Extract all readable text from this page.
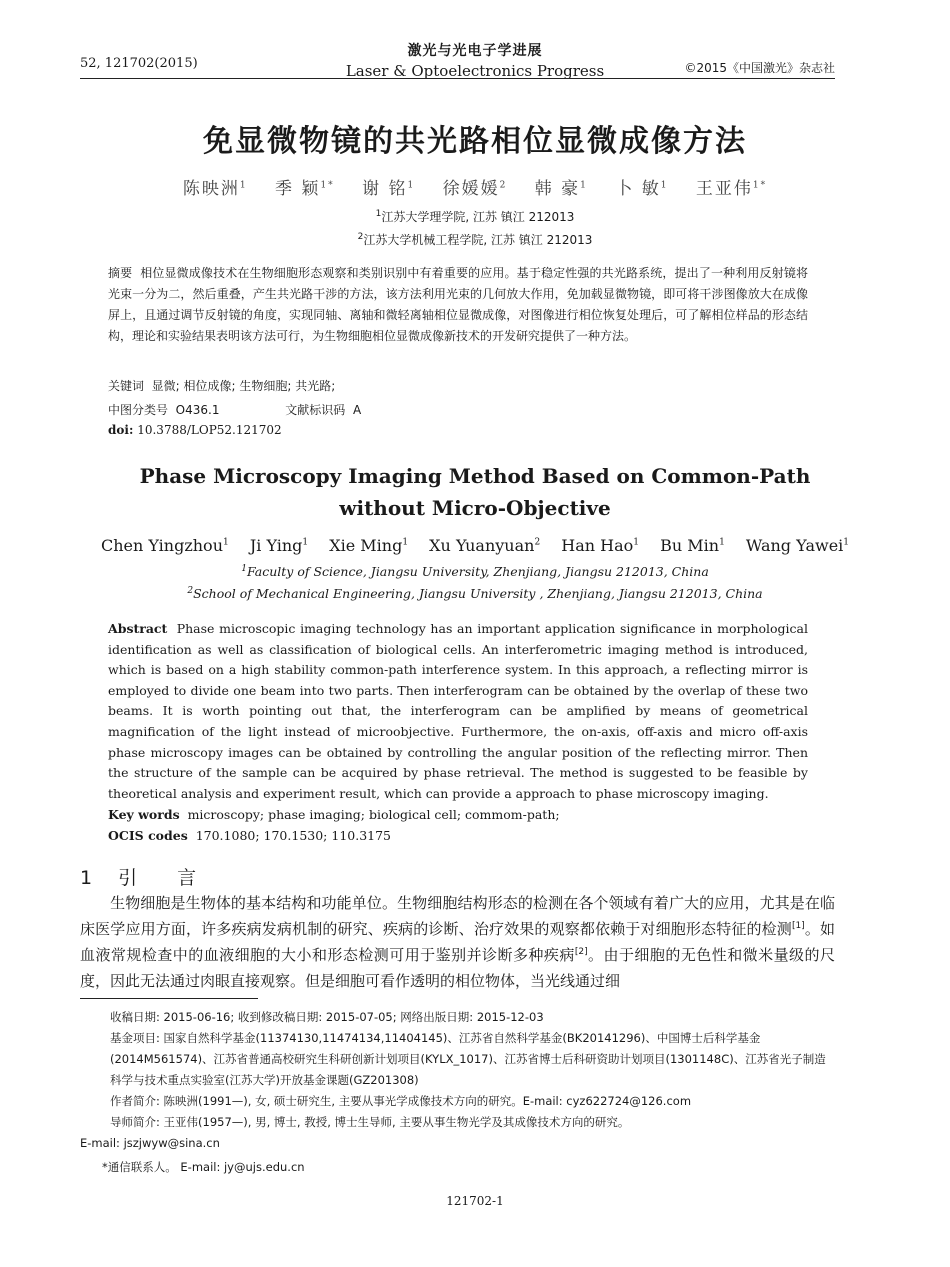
52, 121702(2015)
激光与光电子学进展
Laser & Optoelectronics Progress	©2015《中国激光》杂志社
免显微物镜的共光路相位显微成像方法
陈映洲$^1$ 季 颖$^{1*}$ 谢 铭$^1$ 徐媛媛$^2$ 韩 豪$^1$ 卜 敏$^1$ 王亚伟$^{1*}$
$^1$江苏大学理学院, 江苏 镇江 212013
$^2$江苏大学机械工程学院, 江苏 镇江 212013
摘要 相位显微成像技术在生物细胞形态观察和类别识别中有着重要的应用。基于稳定性强的共光路系统，提出了一种利用反射镜将光束一分为二，然后重叠，产生共光路干涉的方法，该方法利用光束的几何放大作用，免加载显微物镜，即可将干涉图像放大在成像屏上，且通过调节反射镜的角度，实现同轴、离轴和微轻离轴相位显微成像，对图像进行相位恢复处理后，可了解相位样品的形态结构，理论和实验结果表明该方法可行，为生物细胞相位显微成像新技术的开发研究提供了一种方法。
关键词 显微; 相位成像; 生物细胞; 共光路;
中图分类号 O436.1	文献标识码 A
doi: 10.3788/LOP52.121702
Phase Microscopy Imaging Method Based on Common-Path
without Micro-Objective
Chen Yingzhou$^1$ Ji Ying$^1$ Xie Ming$^1$ Xu Yuanyuan$^2$ Han Hao$^1$ Bu Min$^1$ Wang Yawei$^1$
$^1$Faculty of Science, Jiangsu University, Zhenjiang, Jiangsu 212013, China
$^2$School of Mechanical Engineering, Jiangsu University , Zhenjiang, Jiangsu 212013, China
Abstract Phase microscopic imaging technology has an important application significance in morphological identification as well as classification of biological cells. An interferometric imaging method is introduced, which is based on a high stability common-path interference system. In this approach, a reflecting mirror is employed to divide one beam into two parts. Then interferogram can be obtained by the overlap of these two beams. It is worth pointing out that, the interferogram can be amplified by means of geometrical magnification of the light instead of microobjective. Furthermore, the on-axis, off-axis and micro off-axis phase microscopy images can be obtained by controlling the angular position of the reflecting mirror. Then the structure of the sample can be acquired by phase retrieval. The method is suggested to be feasible by theoretical analysis and experiment result, which can provide a approach to phase microscopy imaging.
Key words microscopy; phase imaging; biological cell; commom-path;
OCIS codes 170.1080; 170.1530; 110.3175
1 引 言
生物细胞是生物体的基本结构和功能单位。生物细胞结构形态的检测在各个领域有着广大的应用，尤其是在临床医学应用方面，许多疾病发病机制的研究、疾病的诊断、治疗效果的观察都依赖于对细胞形态特征的检测[1]。如血液常规检查中的血液细胞的大小和形态检测可用于鉴别并诊断多种疾病[2]。由于细胞的无色性和微米量级的尺度，因此无法通过肉眼直接观察。但是细胞可看作透明的相位物体，当光线通过细
收稿日期: 2015-06-16; 收到修改稿日期: 2015-07-05; 网络出版日期: 2015-12-03
基金项目: 国家自然科学基金(11374130,11474134,11404145)、江苏省自然科学基金(BK20141296)、中国博士后科学基金(2014M561574)、江苏省普通高校研究生科研创新计划项目(KYLX_1017)、江苏省博士后科研资助计划项目(1301148C)、江苏省光子制造科学与技术重点实验室(江苏大学)开放基金课题(GZ201308)
作者简介: 陈映洲(1991—), 女, 硕士研究生, 主要从事光学成像技术方向的研究。E-mail: cyz622724@126.com
导师简介: 王亚伟(1957—), 男, 博士, 教授, 博士生导师, 主要从事生物光学及其成像技术方向的研究。
E-mail: jszjwyw@sina.cn
*通信联系人。 E-mail: jy@ujs.edu.cn
121702-1
